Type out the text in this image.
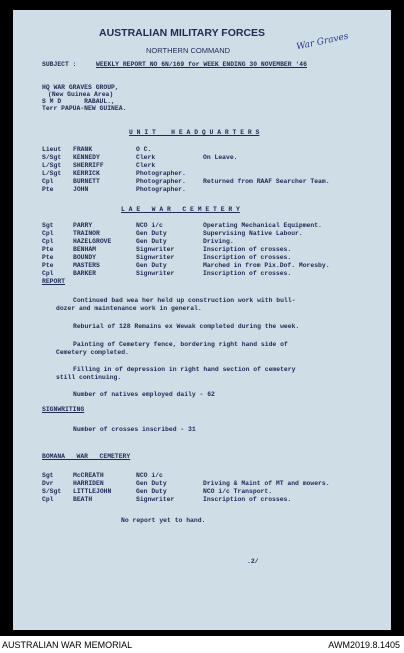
AUSTRALIAN MILITARY FORCES
NORTHERN COMMAND	War Graves
SUBJECT :	WEEKLY REPORT NO 6N/169 for WEEK ENDING 30 NOVEMBER '46
HQ WAR GRAVES GROUP,
(New Guinea Area)
S M D      RABAUL.,
Terr PAPUA-NEW GUINEA.
U N I T    H E A D Q U A R T E R S
Lieut FRANK	O C.
S/Sgt KENNEDY	Clerk	On Leave.
L/Sgt SHERRIFF	Clerk
L/Sgt KERRICK	Photographer.
Cpl	BURNETT	Photographer.	Returned from RAAF Searcher Team.
Pte	JOHN	Photographer.
L A E   W A R   C E M E T E R Y
Sgt	PARRY	NCO i/c	Operating Mechanical Equipment.
Cpl	TRAINOR	Gen Duty	Supervising Native Labour.
Cpl	HAZELGROVE	Gen Duty	Driving.
Pte	BENHAM	Signwriter	Inscription of crosses.
Pte	BOUNDY	Signwriter	Inscription of crosses.
Pte	MASTERS	Gen Duty	Marched in from Pix.Dof. Moresby.
Cpl	BARKER	Signwriter	Inscription of crosses.
REPORT
Continued bad wea her held up construction work with bull-
dozer and maintenance work in general.
Reburial of 128 Remains ex Wewak completed during the week.
Painting of Cemetery fence, bordering right hand side of
Cemetery completed.
Filling in of depression in right hand section of cemetery
still continuing.
Number of natives employed daily - 62
SIGNWRITING
Number of crosses inscribed - 31
BOMANA   WAR   CEMETERY
Sgt	McCREATH	NCO i/c
Dvr	HARRIDEN	Gen Duty	Driving & Maint of MT and mowers.
S/Sgt LITTLEJOHN	Gen Duty	NCO i/c Transport.
Cpl	BEATH	Signwriter	Inscription of crosses.
No report yet to hand.
.2/
AUSTRALIAN WAR MEMORIAL	AWM2019.8.1405
